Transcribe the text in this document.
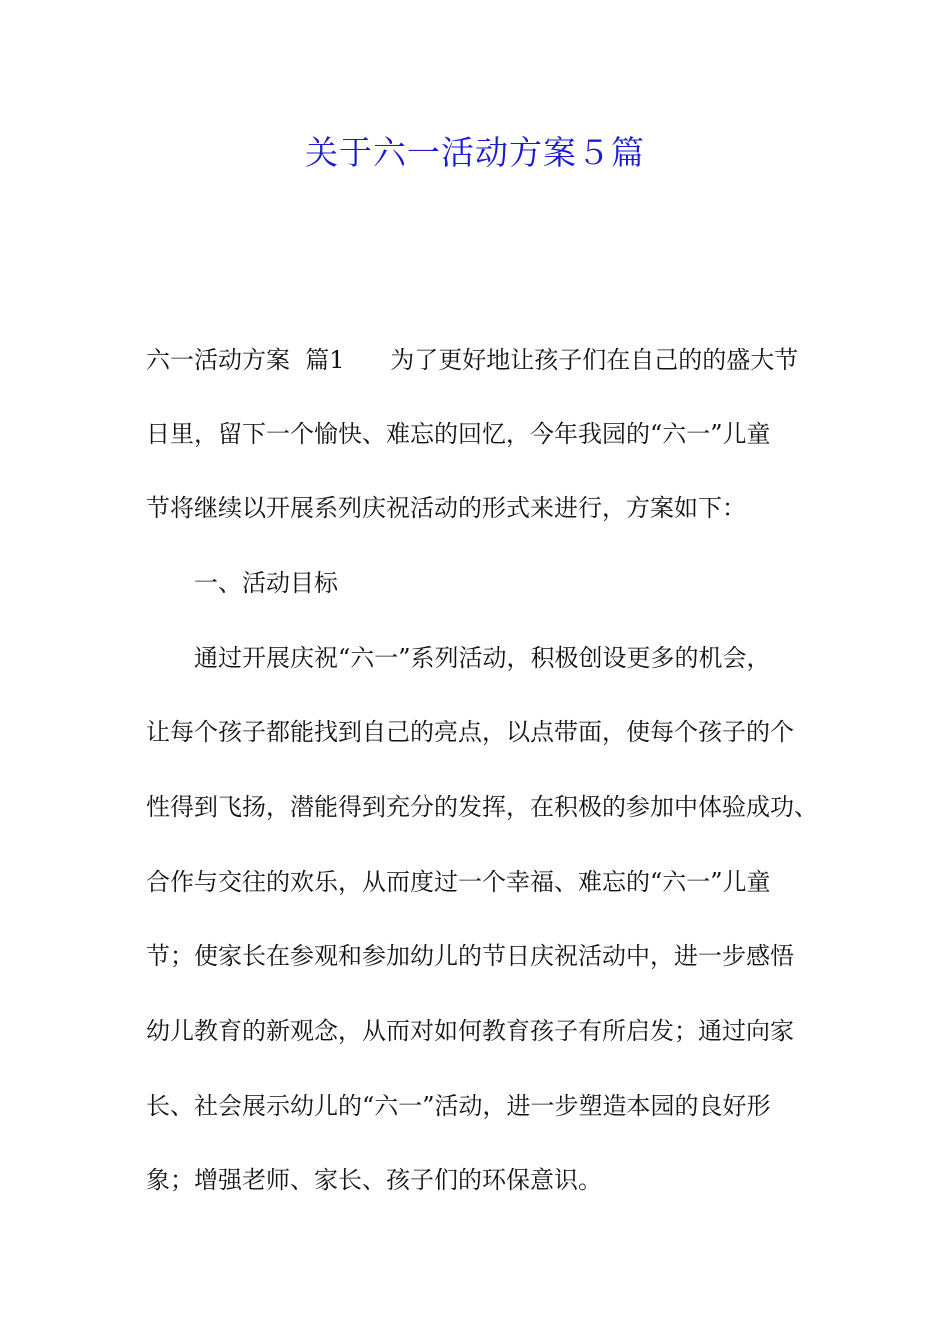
关于六一活动方案５篇
六一活动方案  篇1      为了更好地让孩子们在自己的的盛大节
日里，留下一个愉快、难忘的回忆，今年我园的“六一”儿童
节将继续以开展系列庆祝活动的形式来进行，方案如下：
　　一、活动目标
　　通过开展庆祝“六一”系列活动，积极创设更多的机会，
让每个孩子都能找到自己的亮点，以点带面，使每个孩子的个
性得到飞扬，潜能得到充分的发挥，在积极的参加中体验成功、
合作与交往的欢乐，从而度过一个幸福、难忘的“六一”儿童
节；使家长在参观和参加幼儿的节日庆祝活动中，进一步感悟
幼儿教育的新观念，从而对如何教育孩子有所启发；通过向家
长、社会展示幼儿的“六一”活动，进一步塑造本园的良好形
象；增强老师、家长、孩子们的环保意识。
